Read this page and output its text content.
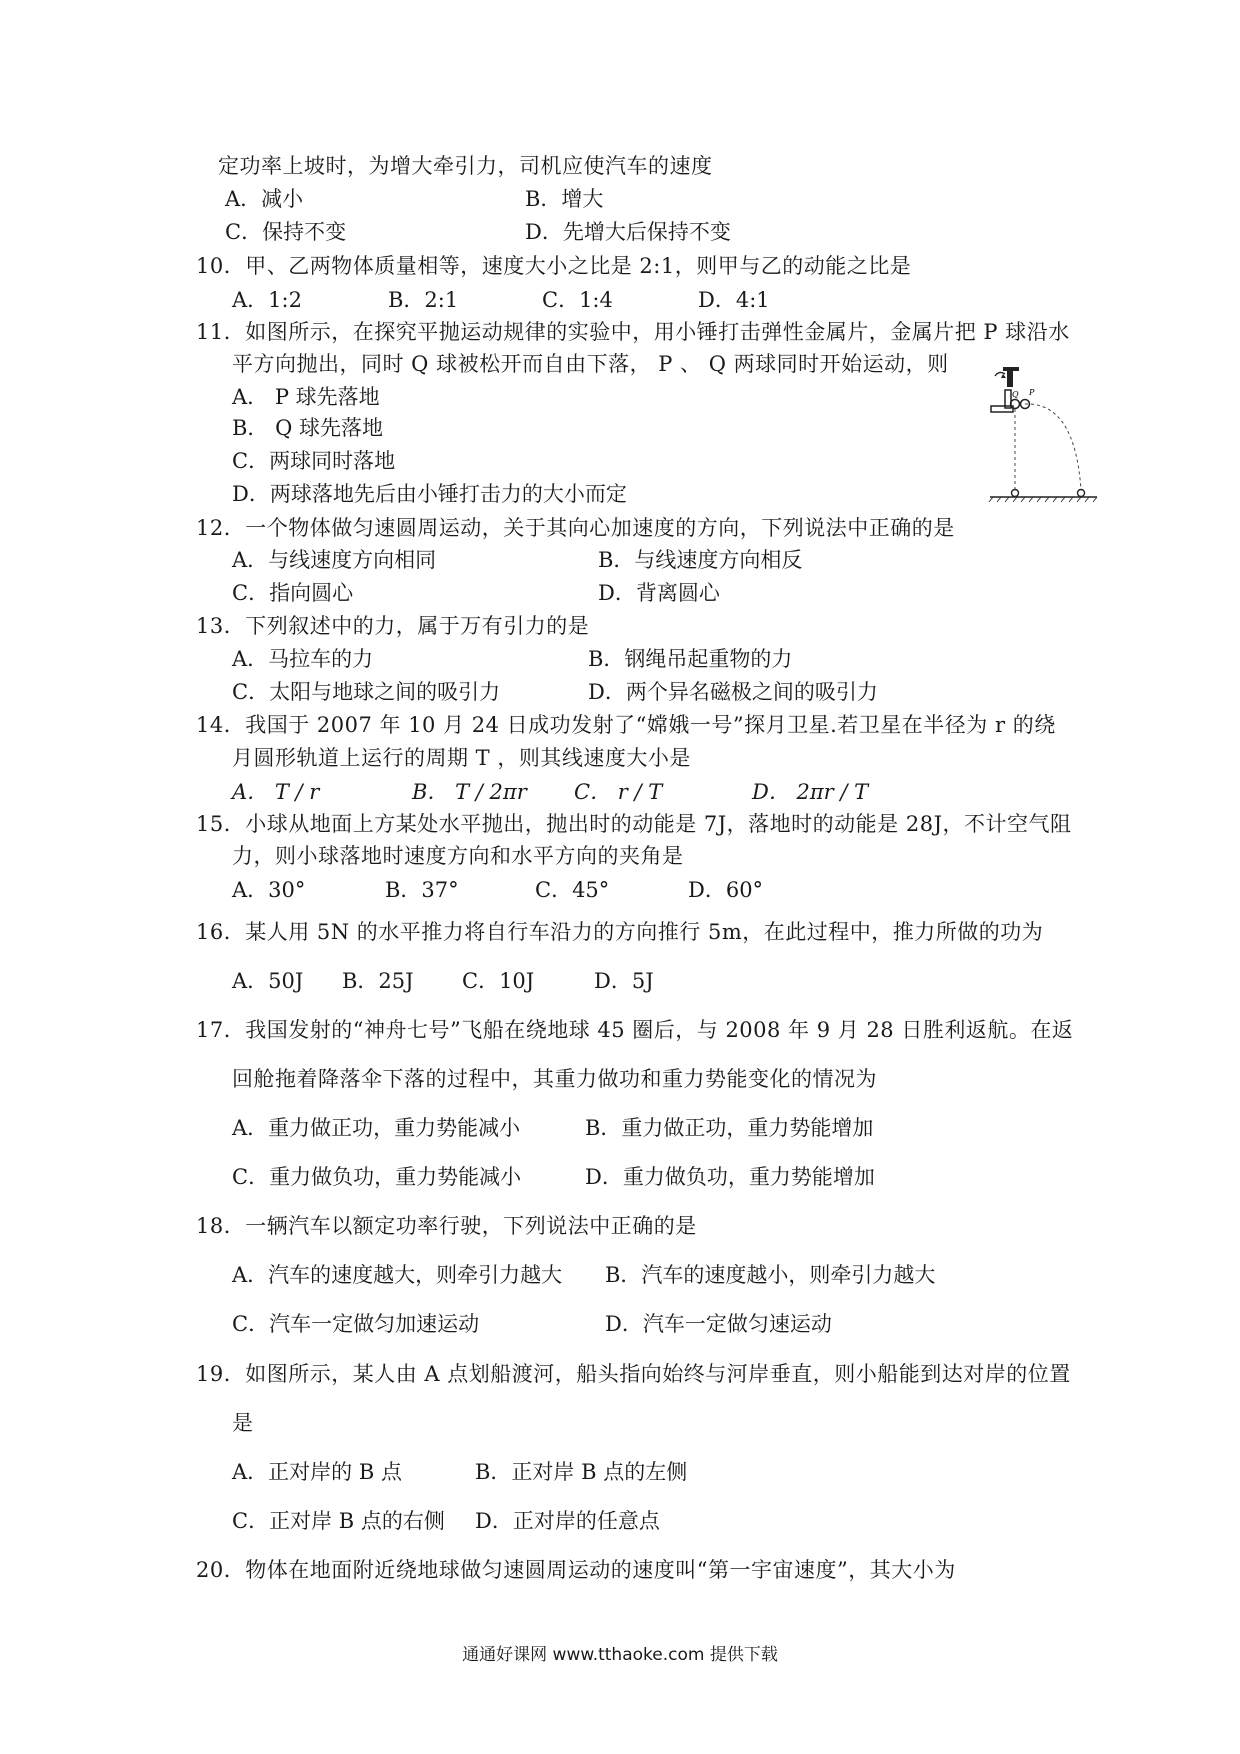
定功率上坡时，为增大牵引力，司机应使汽车的速度
A．减小	B．增大
C．保持不变	D．先增大后保持不变
10．甲、乙两物体质量相等，速度大小之比是 2:1，则甲与乙的动能之比是
A．1:2	B．2:1	C．1:4	D．4:1
11．如图所示，在探究平抛运动规律的实验中，用小锤打击弹性金属片，金属片把 P 球沿水
平方向抛出，同时 Q 球被松开而自由下落， P 、 Q 两球同时开始运动，则
A． P 球先落地
B． Q 球先落地
C．两球同时落地
D．两球落地先后由小锤打击力的大小而定
Q P
12．一个物体做匀速圆周运动，关于其向心加速度的方向，下列说法中正确的是
A．与线速度方向相同	B．与线速度方向相反
C．指向圆心	D．背离圆心
13．下列叙述中的力，属于万有引力的是
A．马拉车的力	B．钢绳吊起重物的力
C．太阳与地球之间的吸引力	D．两个异名磁极之间的吸引力
14．我国于 2007 年 10 月 24 日成功发射了“嫦娥一号”探月卫星.若卫星在半径为 r 的绕
月圆形轨道上运行的周期 T ，则其线速度大小是
A． T / r	B． T / 2πr C． r / T	D． 2πr / T
15．小球从地面上方某处水平抛出，抛出时的动能是 7J，落地时的动能是 28J，不计空气阻
力，则小球落地时速度方向和水平方向的夹角是
A．30°	B．37°	C．45°	D．60°
16．某人用 5N 的水平推力将自行车沿力的方向推行 5m，在此过程中，推力所做的功为
A．50J B．25J C．10J	D．5J
17．我国发射的“神舟七号”飞船在绕地球 45 圈后，与 2008 年 9 月 28 日胜利返航。在返
回舱拖着降落伞下落的过程中，其重力做功和重力势能变化的情况为
A．重力做正功，重力势能减小	B．重力做正功，重力势能增加
C．重力做负功，重力势能减小	D．重力做负功，重力势能增加
18．一辆汽车以额定功率行驶，下列说法中正确的是
A．汽车的速度越大，则牵引力越大 B．汽车的速度越小，则牵引力越大
C．汽车一定做匀加速运动	D．汽车一定做匀速运动
19．如图所示，某人由 A 点划船渡河，船头指向始终与河岸垂直，则小船能到达对岸的位置
是
A．正对岸的 B 点	B．正对岸 B 点的左侧
C．正对岸 B 点的右侧 D．正对岸的任意点
20．物体在地面附近绕地球做匀速圆周运动的速度叫“第一宇宙速度”，其大小为
通通好课网 www.tthaoke.com 提供下载
